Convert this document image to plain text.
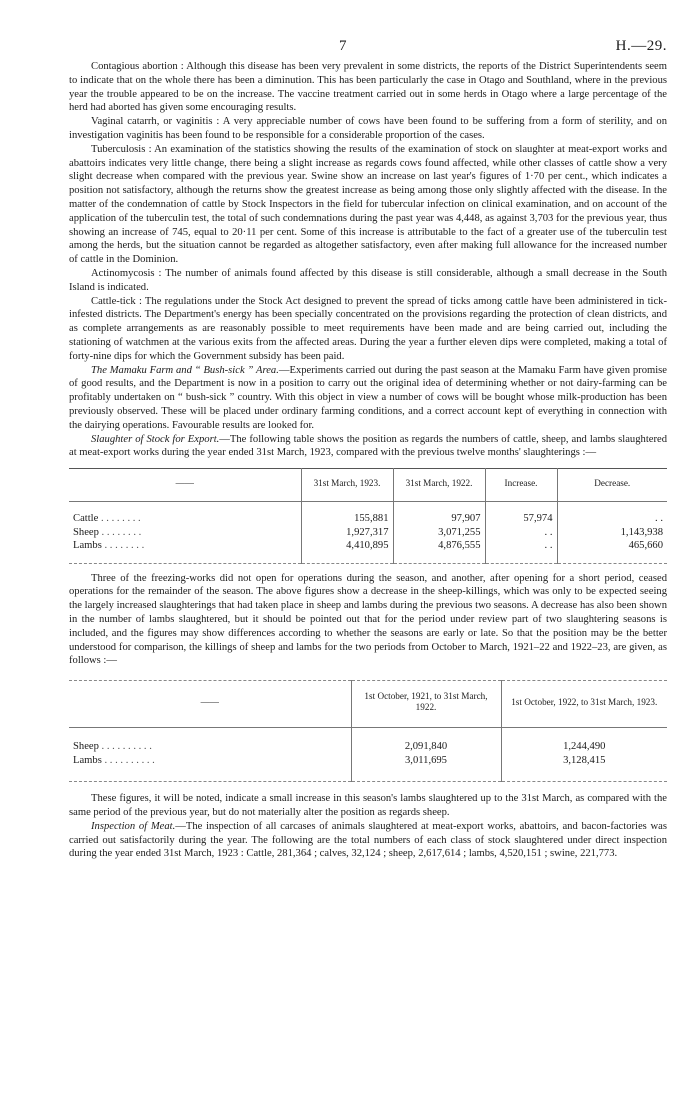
7	H.—29.

Contagious abortion : Although this disease has been very prevalent in some districts, the reports of the District Superintendents seem to indicate that on the whole there has been a diminution. This has been particularly the case in Otago and Southland, where in the previous year the trouble appeared to be on the increase. The vaccine treatment carried out in some herds in Otago where a large percentage of the herd had aborted has given some encouraging results.

Vaginal catarrh, or vaginitis : A very appreciable number of cows have been found to be suffering from a form of sterility, and on investigation vaginitis has been found to be responsible for a considerable proportion of the cases.

Tuberculosis : An examination of the statistics showing the results of the examination of stock on slaughter at meat-export works and abattoirs indicates very little change, there being a slight increase as regards cows found affected, while other classes of cattle show a very slight decrease when compared with the previous year. Swine show an increase on last year's figures of 1·70 per cent., which indicates a position not satisfactory, although the returns show the greatest increase as being among those only slightly affected with the disease. In the matter of the condemnation of cattle by Stock Inspectors in the field for tubercular infection on clinical examination, and on account of the application of the tuberculin test, the total of such condemnations during the past year was 4,448, as against 3,703 for the previous year, thus showing an increase of 745, equal to 20·11 per cent. Some of this increase is attributable to the fact of a greater use of the tuberculin test among the herds, but the situation cannot be regarded as altogether satisfactory, even after making full allowance for the increased number of cattle in the Dominion.

Actinomycosis : The number of animals found affected by this disease is still considerable, although a small decrease in the South Island is indicated.

Cattle-tick : The regulations under the Stock Act designed to prevent the spread of ticks among cattle have been administered in tick-infested districts. The Department's energy has been specially concentrated on the provisions regarding the protection of clean districts, and as complete arrangements as are reasonably possible to meet requirements have been made and are being carried out, including the stationing of watchmen at the various exits from the affected areas. During the year a further eleven dips were completed, making a total of forty-nine dips for which the Government subsidy has been paid.

The Mamaku Farm and “ Bush-sick ” Area.—Experiments carried out during the past season at the Mamaku Farm have given promise of good results, and the Department is now in a position to carry out the original idea of determining whether or not dairy-farming can be profitably undertaken on “ bush-sick ” country. With this object in view a number of cows will be bought whose milk-production has been previously observed. These will be placed under ordinary farming conditions, and a correct account kept of everything in connection with the dairying operations. Favourable results are looked for.

Slaughter of Stock for Export.—The following table shows the position as regards the numbers of cattle, sheep, and lambs slaughtered at meat-export works during the year ended 31st March, 1923, compared with the previous twelve months' slaughterings :—

——	31st March, 1923.	31st March, 1922.	Increase.	Decrease.
Cattle . . . . . . . .	155,881	97,907	57,974	. .
Sheep . . . . . . . .	1,927,317	3,071,255	. .	1,143,938
Lambs . . . . . . . .	4,410,895	4,876,555	. .	465,660

Three of the freezing-works did not open for operations during the season, and another, after opening for a short period, ceased operations for the remainder of the season. The above figures show a decrease in the sheep-killings, which was only to be expected seeing the largely increased slaughterings that had taken place in sheep and lambs during the previous two seasons. A decrease has also been shown in the number of lambs slaughtered, but it should be pointed out that for the period under review part of two slaughtering seasons is included, and the figures may show differences according to whether the seasons are early or late. So that the position may be the better understood for comparison, the killings of sheep and lambs for the two periods from October to March, 1921–22 and 1922–23, are given, as follows :—

——	1st October, 1921, to 31st March, 1922.	1st October, 1922, to 31st March, 1923.
Sheep . . . . . . . . . .	2,091,840	1,244,490
Lambs . . . . . . . . . .	3,011,695	3,128,415

These figures, it will be noted, indicate a small increase in this season's lambs slaughtered up to the 31st March, as compared with the same period of the previous year, but do not materially alter the position as regards sheep.

Inspection of Meat.—The inspection of all carcases of animals slaughtered at meat-export works, abattoirs, and bacon-factories was carried out satisfactorily during the year. The following are the total numbers of each class of stock slaughtered under direct inspection during the year ended 31st March, 1923 : Cattle, 281,364 ; calves, 32,124 ; sheep, 2,617,614 ; lambs, 4,520,151 ; swine, 221,773.
